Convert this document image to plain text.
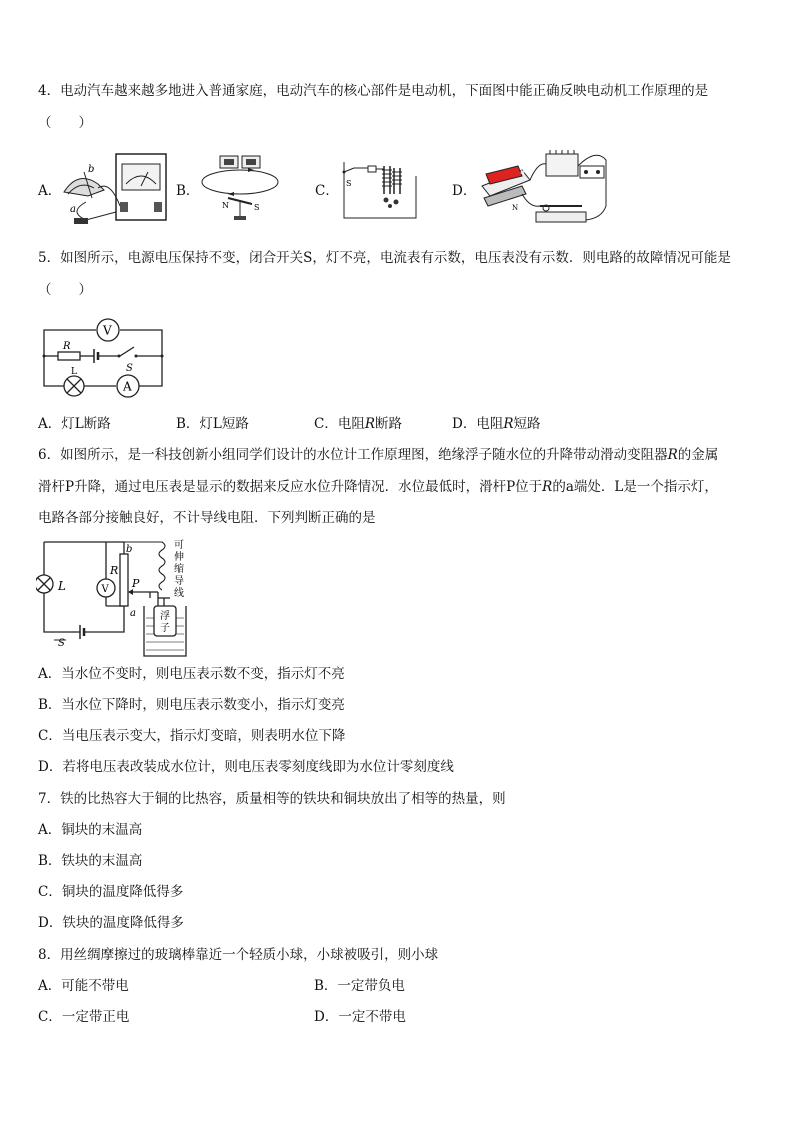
4．电动汽车越来越多地进入普通家庭，电动汽车的核心部件是电动机，下面图中能正确反映电动机工作原理的是
（　　）
A．
b
a
B．
N	S
C． S	D．
S
N
5．如图所示，电源电压保持不变，闭合开关S，灯不亮，电流表有示数，电压表没有示数．则电路的故障情况可能是
（　　）
V
R
S
L
A
A．灯L断路	B．灯L短路	C．电阻R断路	D．电阻R短路
6．如图所示，是一科技创新小组同学们设计的水位计工作原理图，绝缘浮子随水位的升降带动滑动变阻器R的金属
滑杆P升降，通过电压表是显示的数据来反应水位升降情况．水位最低时，滑杆P位于R的a端处．L是一个指示灯，
电路各部分接触良好，不计导线电阻．下列判断正确的是
L
S
V
R
b
a
P
可
伸
缩
导
线
浮
子
A．当水位不变时，则电压表示数不变，指示灯不亮
B．当水位下降时，则电压表示数变小，指示灯变亮
C．当电压表示变大，指示灯变暗，则表明水位下降
D．若将电压表改装成水位计，则电压表零刻度线即为水位计零刻度线
7．铁的比热容大于铜的比热容，质量相等的铁块和铜块放出了相等的热量，则
A．铜块的末温高
B．铁块的末温高
C．铜块的温度降低得多
D．铁块的温度降低得多
8．用丝绸摩擦过的玻璃棒靠近一个轻质小球，小球被吸引，则小球
A．可能不带电	B．一定带负电
C．一定带正电	D．一定不带电
